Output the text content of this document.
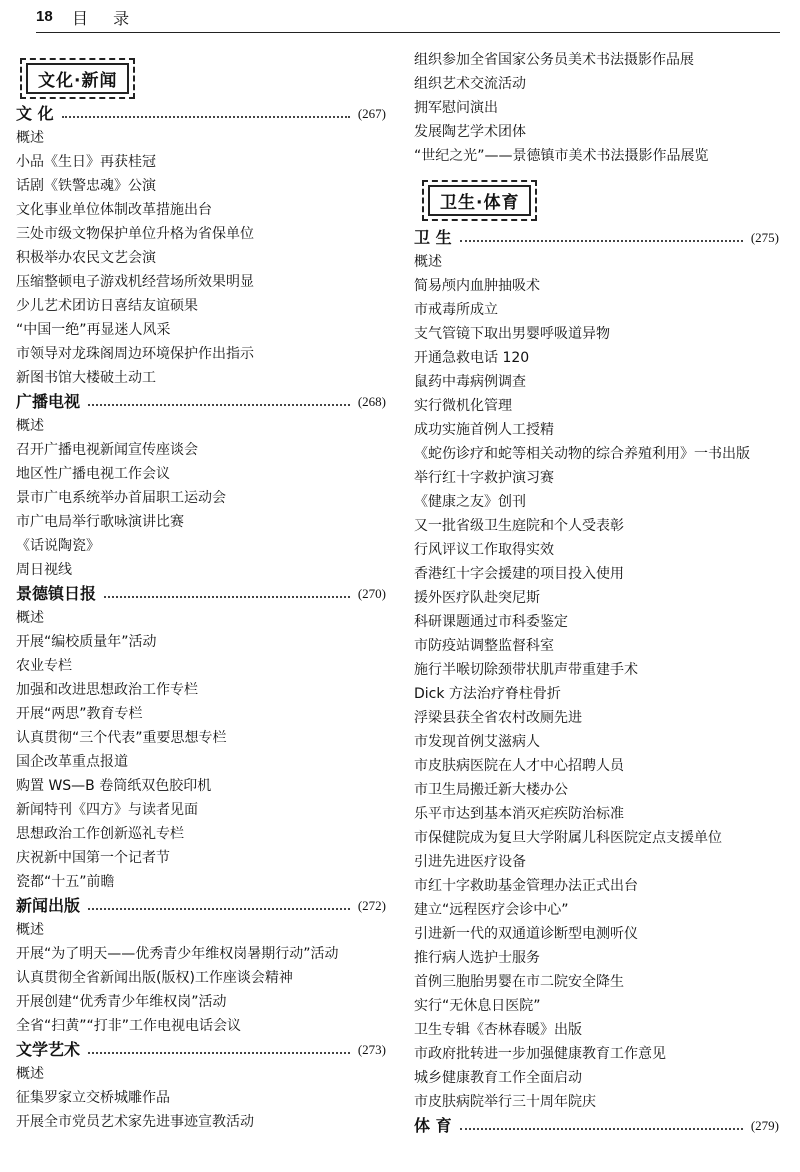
18 目 录
文化·新闻
文 化	(267)
概述
小品《生日》再获桂冠
话剧《铁警忠魂》公演
文化事业单位体制改革措施出台
三处市级文物保护单位升格为省保单位
积极举办农民文艺会演
压缩整顿电子游戏机经营场所效果明显
少儿艺术团访日喜结友谊硕果
“中国一绝”再显迷人风采
市领导对龙珠阁周边环境保护作出指示
新图书馆大楼破土动工
广播电视	(268)
概述
召开广播电视新闻宣传座谈会
地区性广播电视工作会议
景市广电系统举办首届职工运动会
市广电局举行歌咏演讲比赛
《话说陶瓷》
周日视线
景德镇日报	(270)
概述
开展“编校质量年”活动
农业专栏
加强和改进思想政治工作专栏
开展“两思”教育专栏
认真贯彻“三个代表”重要思想专栏
国企改革重点报道
购置 WS—B 卷筒纸双色胶印机
新闻特刊《四方》与读者见面
思想政治工作创新巡礼专栏
庆祝新中国第一个记者节
瓷都“十五”前瞻
新闻出版	(272)
概述
开展“为了明天——优秀青少年维权岗暑期行动”活动
认真贯彻全省新闻出版(版权)工作座谈会精神
开展创建“优秀青少年维权岗”活动
全省“扫黄”“打非”工作电视电话会议
文学艺术	(273)
概述
征集罗家立交桥城雕作品
开展全市党员艺术家先进事迹宣教活动
组织参加全省国家公务员美术书法摄影作品展
组织艺术交流活动
拥军慰问演出
发展陶艺学术团体
“世纪之光”——景德镇市美术书法摄影作品展览
卫生·体育
卫 生	(275)
概述
简易颅内血肿抽吸术
市戒毒所成立
支气管镜下取出男婴呼吸道异物
开通急救电话 120
鼠药中毒病例调查
实行微机化管理
成功实施首例人工授精
《蛇伤诊疗和蛇等相关动物的综合养殖利用》一书出版
举行红十字救护演习赛
《健康之友》创刊
又一批省级卫生庭院和个人受表彰
行风评议工作取得实效
香港红十字会援建的项目投入使用
援外医疗队赴突尼斯
科研课题通过市科委鉴定
市防疫站调整监督科室
施行半喉切除颈带状肌声带重建手术
Dick 方法治疗脊柱骨折
浮梁县获全省农村改厕先进
市发现首例艾滋病人
市皮肤病医院在人才中心招聘人员
市卫生局搬迁新大楼办公
乐平市达到基本消灭疟疾防治标准
市保健院成为复旦大学附属儿科医院定点支援单位
引进先进医疗设备
市红十字救助基金管理办法正式出台
建立“远程医疗会诊中心”
引进新一代的双通道诊断型电测听仪
推行病人选护士服务
首例三胞胎男婴在市二院安全降生
实行“无休息日医院”
卫生专辑《杏林春暖》出版
市政府批转进一步加强健康教育工作意见
城乡健康教育工作全面启动
市皮肤病院举行三十周年院庆
体 育	(279)
